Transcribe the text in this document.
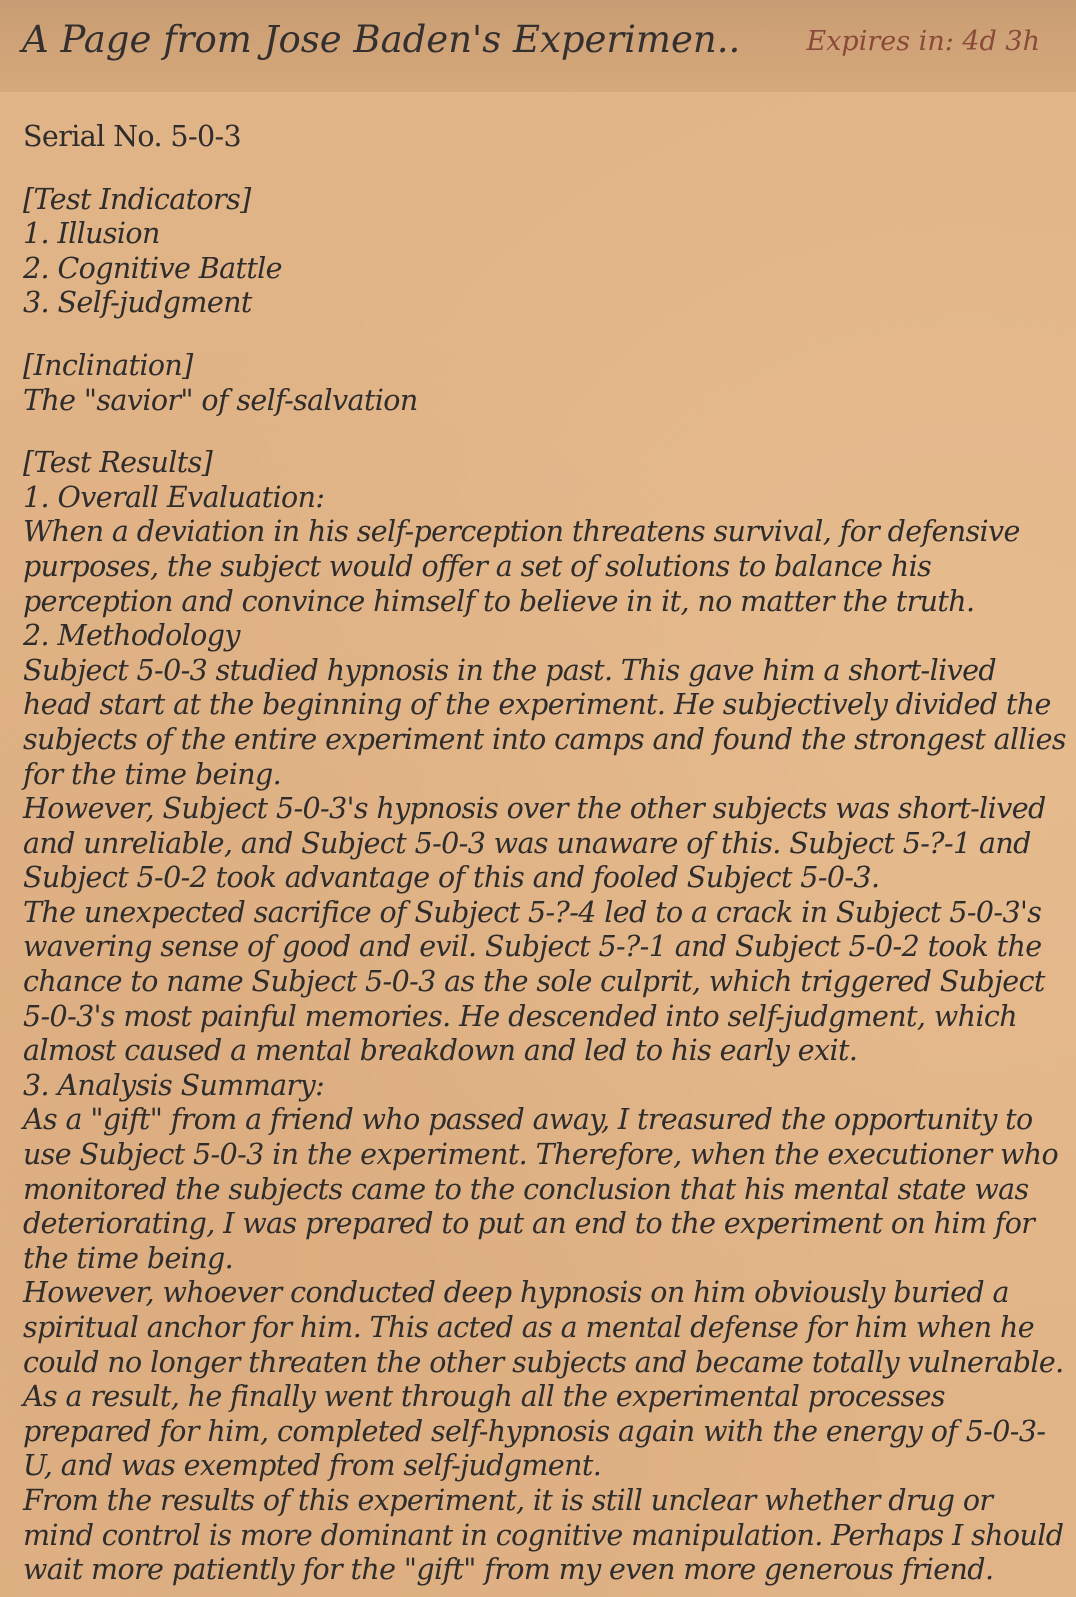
A Page from Jose Baden's Experimen.. Expires in: 4d 3h
Serial No. 5-0-3

[Test Indicators]

1. Illusion

2. Cognitive Battle

3. Self-judgment

[Inclination]

The "savior" of self-salvation

[Test Results]

1. Overall Evaluation:

When a deviation in his self-perception threatens survival, for defensive purposes, the subject would offer a set of solutions to balance his perception and convince himself to believe in it, no matter the truth.

2. Methodology

Subject 5-0-3 studied hypnosis in the past. This gave him a short-lived head start at the beginning of the experiment. He subjectively divided the subjects of the entire experiment into camps and found the strongest allies for the time being.

However, Subject 5-0-3's hypnosis over the other subjects was short-lived and unreliable, and Subject 5-0-3 was unaware of this. Subject 5-?-1 and Subject 5-0-2 took advantage of this and fooled Subject 5-0-3.

The unexpected sacrifice of Subject 5-?-4 led to a crack in Subject 5-0-3's wavering sense of good and evil. Subject 5-?-1 and Subject 5-0-2 took the chance to name Subject 5-0-3 as the sole culprit, which triggered Subject 5-0-3's most painful memories. He descended into self-judgment, which almost caused a mental breakdown and led to his early exit.

3. Analysis Summary:

As a "gift" from a friend who passed away, I treasured the opportunity to use Subject 5-0-3 in the experiment. Therefore, when the executioner who monitored the subjects came to the conclusion that his mental state was deteriorating, I was prepared to put an end to the experiment on him for the time being.

However, whoever conducted deep hypnosis on him obviously buried a spiritual anchor for him. This acted as a mental defense for him when he could no longer threaten the other subjects and became totally vulnerable. As a result, he finally went through all the experimental processes prepared for him, completed self-hypnosis again with the energy of 5-0-3-U, and was exempted from self-judgment.

From the results of this experiment, it is still unclear whether drug or mind control is more dominant in cognitive manipulation. Perhaps I should wait more patiently for the "gift" from my even more generous friend.
